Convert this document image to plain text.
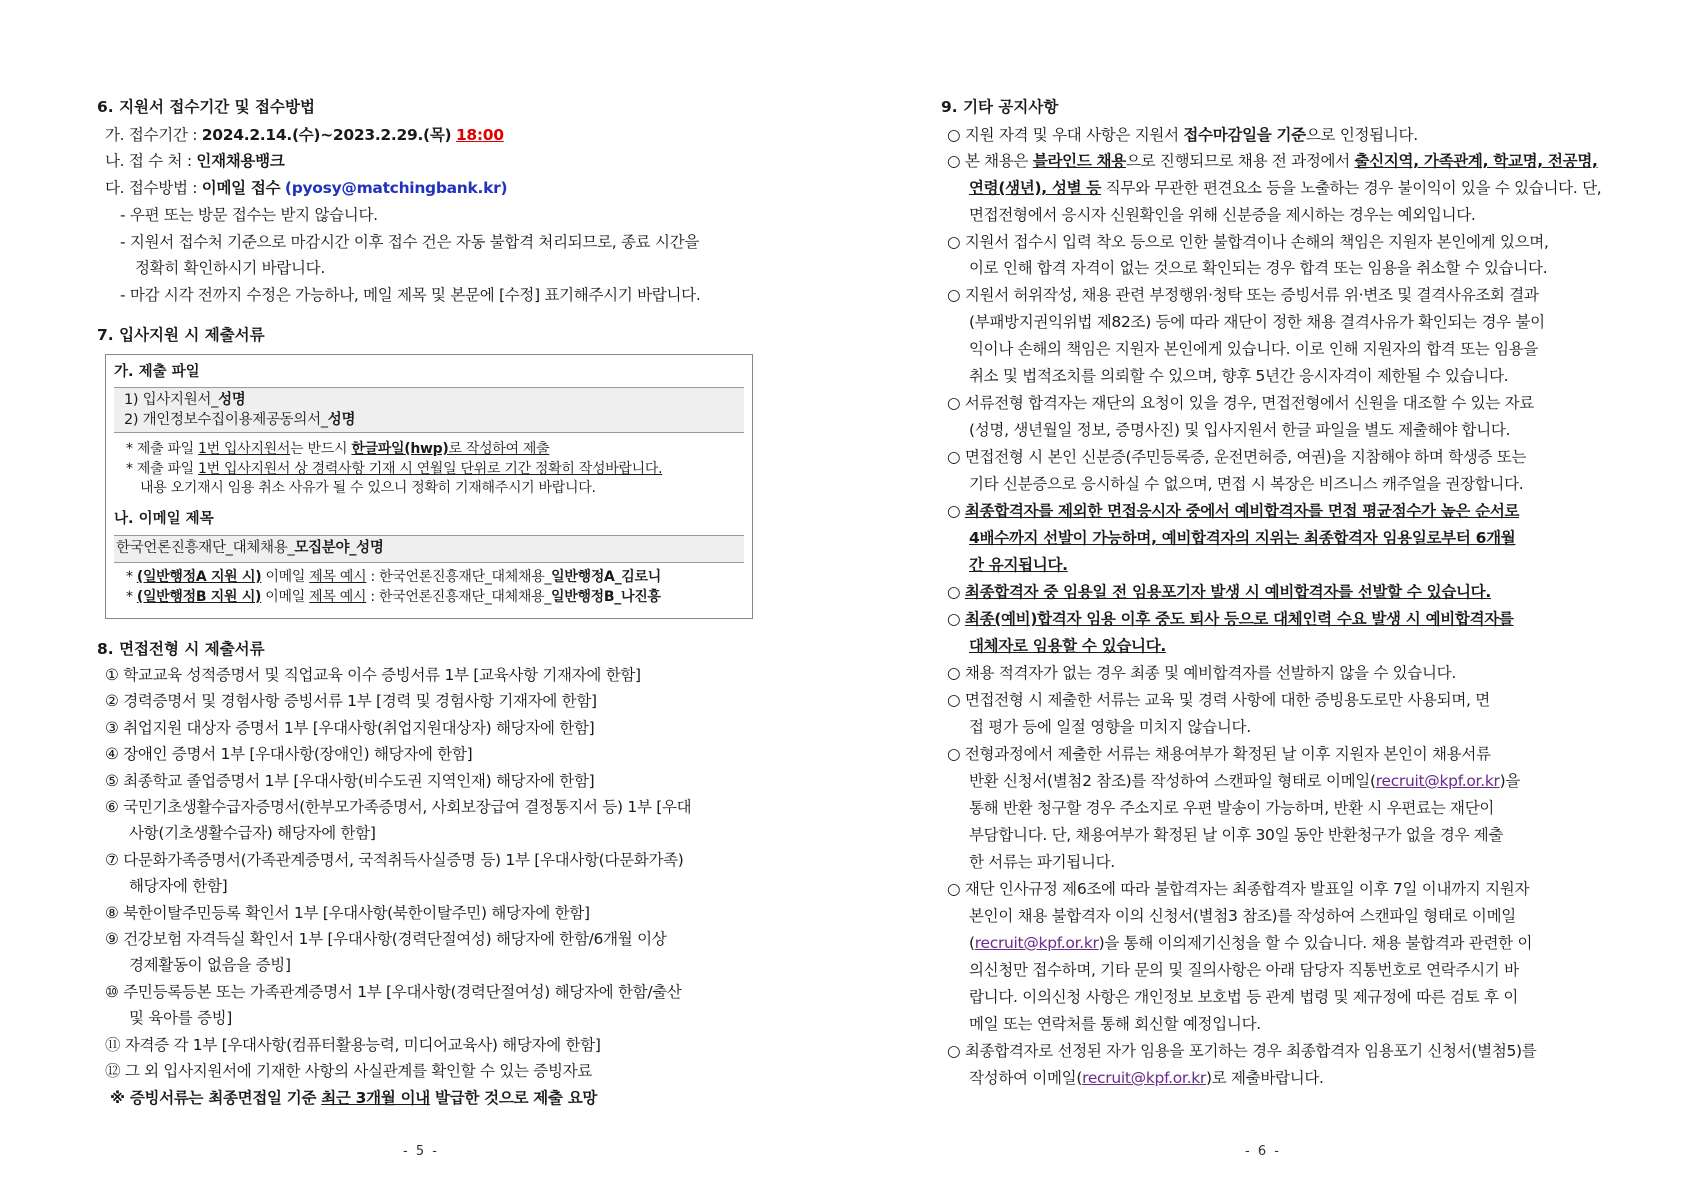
6. 지원서 접수기간 및 접수방법
가. 접수기간 : 2024.2.14.(수)~2023.2.29.(목) 18:00
나. 접 수 처 : 인재채용뱅크
다. 접수방법 : 이메일 접수 (pyosy@matchingbank.kr)
- 우편 또는 방문 접수는 받지 않습니다.
- 지원서 접수처 기준으로 마감시간 이후 접수 건은 자동 불합격 처리되므로, 종료 시간을
정확히 확인하시기 바랍니다.
- 마감 시각 전까지 수정은 가능하나, 메일 제목 및 본문에 [수정] 표기해주시기 바랍니다.
7. 입사지원 시 제출서류
가. 제출 파일
1) 입사지원서_성명
2) 개인정보수집이용제공동의서_성명
* 제출 파일 1번 입사지원서는 반드시 한글파일(hwp)로 작성하여 제출
* 제출 파일 1번 입사지원서 상 경력사항 기재 시 연월일 단위로 기간 정확히 작성바랍니다.
내용 오기재시 임용 취소 사유가 될 수 있으니 정확히 기재해주시기 바랍니다.
나. 이메일 제목
한국언론진흥재단_대체채용_모집분야_성명
* (일반행정A 지원 시) 이메일 제목 예시 : 한국언론진흥재단_대체채용_일반행정A_김로니
* (일반행정B 지원 시) 이메일 제목 예시 : 한국언론진흥재단_대체채용_일반행정B_나진흥
8. 면접전형 시 제출서류
① 학교교육 성적증명서 및 직업교육 이수 증빙서류 1부 [교육사항 기재자에 한함]
② 경력증명서 및 경험사항 증빙서류 1부 [경력 및 경험사항 기재자에 한함]
③ 취업지원 대상자 증명서 1부 [우대사항(취업지원대상자) 해당자에 한함]
④ 장애인 증명서 1부 [우대사항(장애인) 해당자에 한함]
⑤ 최종학교 졸업증명서 1부 [우대사항(비수도권 지역인재) 해당자에 한함]
⑥ 국민기초생활수급자증명서(한부모가족증명서, 사회보장급여 결정통지서 등) 1부 [우대
사항(기초생활수급자) 해당자에 한함]
⑦ 다문화가족증명서(가족관계증명서, 국적취득사실증명 등) 1부 [우대사항(다문화가족)
해당자에 한함]
⑧ 북한이탈주민등록 확인서 1부 [우대사항(북한이탈주민) 해당자에 한함]
⑨ 건강보험 자격득실 확인서 1부 [우대사항(경력단절여성) 해당자에 한함/6개월 이상
경제활동이 없음을 증빙]
⑩ 주민등록등본 또는 가족관계증명서 1부 [우대사항(경력단절여성) 해당자에 한함/출산
및 육아를 증빙]
⑪ 자격증 각 1부 [우대사항(컴퓨터활용능력, 미디어교육사) 해당자에 한함]
⑫ 그 외 입사지원서에 기재한 사항의 사실관계를 확인할 수 있는 증빙자료
※ 증빙서류는 최종면접일 기준 최근 3개월 이내 발급한 것으로 제출 요망
- 5 -
9. 기타 공지사항
○ 지원 자격 및 우대 사항은 지원서 접수마감일을 기준으로 인정됩니다.
○ 본 채용은 블라인드 채용으로 진행되므로 채용 전 과정에서 출신지역, 가족관계, 학교명, 전공명,
연령(생년), 성별 등 직무와 무관한 편견요소 등을 노출하는 경우 불이익이 있을 수 있습니다. 단,
면접전형에서 응시자 신원확인을 위해 신분증을 제시하는 경우는 예외입니다.
○ 지원서 접수시 입력 착오 등으로 인한 불합격이나 손해의 책임은 지원자 본인에게 있으며,
이로 인해 합격 자격이 없는 것으로 확인되는 경우 합격 또는 임용을 취소할 수 있습니다.
○ 지원서 허위작성, 채용 관련 부정행위·청탁 또는 증빙서류 위·변조 및 결격사유조회 결과
(부패방지권익위법 제82조) 등에 따라 재단이 정한 채용 결격사유가 확인되는 경우 불이
익이나 손해의 책임은 지원자 본인에게 있습니다. 이로 인해 지원자의 합격 또는 임용을
취소 및 법적조치를 의뢰할 수 있으며, 향후 5년간 응시자격이 제한될 수 있습니다.
○ 서류전형 합격자는 재단의 요청이 있을 경우, 면접전형에서 신원을 대조할 수 있는 자료
(성명, 생년월일 정보, 증명사진) 및 입사지원서 한글 파일을 별도 제출해야 합니다.
○ 면접전형 시 본인 신분증(주민등록증, 운전면허증, 여권)을 지참해야 하며 학생증 또는
기타 신분증으로 응시하실 수 없으며, 면접 시 복장은 비즈니스 캐주얼을 권장합니다.
○ 최종합격자를 제외한 면접응시자 중에서 예비합격자를 면접 평균점수가 높은 순서로
4배수까지 선발이 가능하며, 예비합격자의 지위는 최종합격자 임용일로부터 6개월
간 유지됩니다.
○ 최종합격자 중 임용일 전 임용포기자 발생 시 예비합격자를 선발할 수 있습니다.
○ 최종(예비)합격자 임용 이후 중도 퇴사 등으로 대체인력 수요 발생 시 예비합격자를
대체자로 임용할 수 있습니다.
○ 채용 적격자가 없는 경우 최종 및 예비합격자를 선발하지 않을 수 있습니다.
○ 면접전형 시 제출한 서류는 교육 및 경력 사항에 대한 증빙용도로만 사용되며, 면
접 평가 등에 일절 영향을 미치지 않습니다.
○ 전형과정에서 제출한 서류는 채용여부가 확정된 날 이후 지원자 본인이 채용서류
반환 신청서(별첨2 참조)를 작성하여 스캔파일 형태로 이메일(recruit@kpf.or.kr)을
통해 반환 청구할 경우 주소지로 우편 발송이 가능하며, 반환 시 우편료는 재단이
부담합니다. 단, 채용여부가 확정된 날 이후 30일 동안 반환청구가 없을 경우 제출
한 서류는 파기됩니다.
○ 재단 인사규정 제6조에 따라 불합격자는 최종합격자 발표일 이후 7일 이내까지 지원자
본인이 채용 불합격자 이의 신청서(별첨3 참조)를 작성하여 스캔파일 형태로 이메일
(recruit@kpf.or.kr)을 통해 이의제기신청을 할 수 있습니다. 채용 불합격과 관련한 이
의신청만 접수하며, 기타 문의 및 질의사항은 아래 담당자 직통번호로 연락주시기 바
랍니다. 이의신청 사항은 개인정보 보호법 등 관계 법령 및 제규정에 따른 검토 후 이
메일 또는 연락처를 통해 회신할 예정입니다.
○ 최종합격자로 선정된 자가 임용을 포기하는 경우 최종합격자 임용포기 신청서(별첨5)를
작성하여 이메일(recruit@kpf.or.kr)로 제출바랍니다.
- 6 -
